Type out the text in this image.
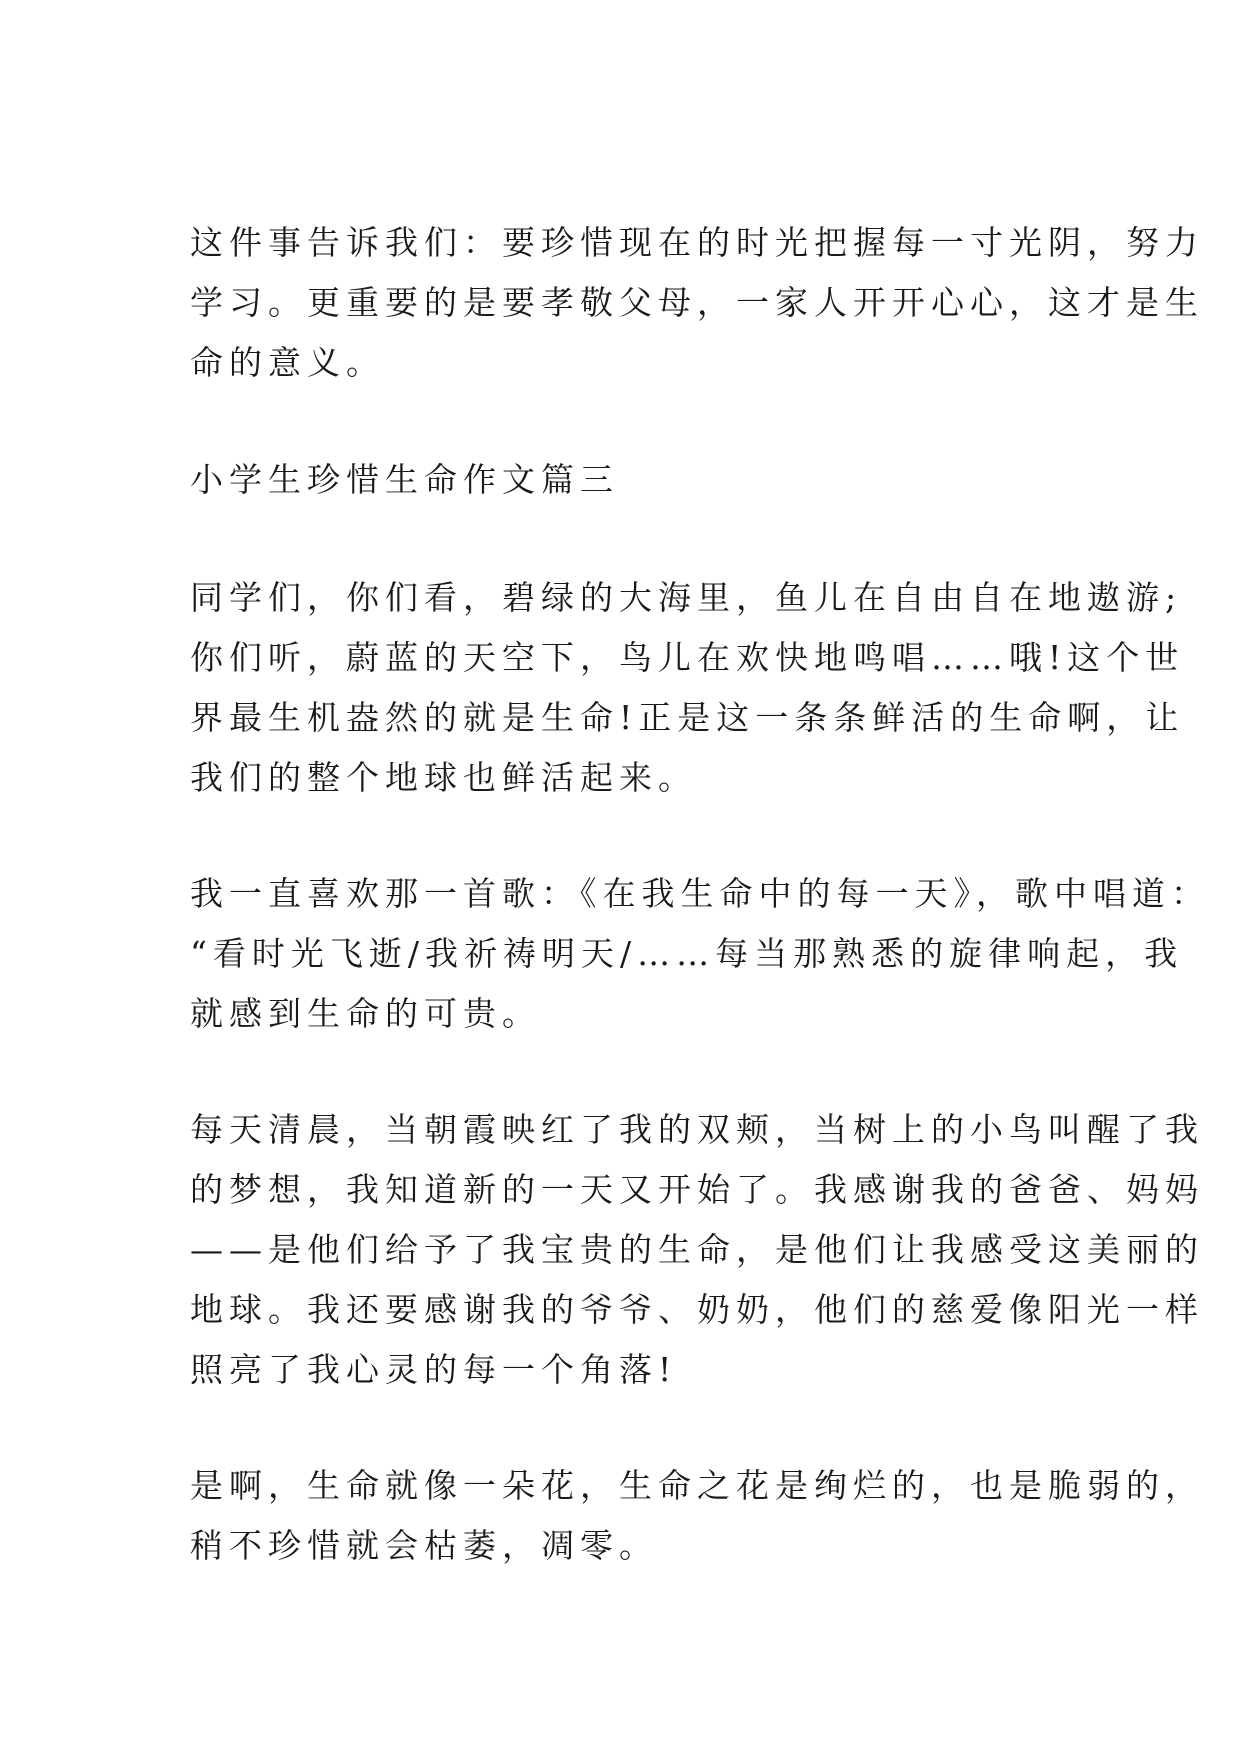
这件事告诉我们：要珍惜现在的时光把握每一寸光阴，努力

学习。更重要的是要孝敬父母，一家人开开心心，这才是生

命的意义。

小学生珍惜生命作文篇三

同学们，你们看，碧绿的大海里，鱼儿在自由自在地遨游;

你们听，蔚蓝的天空下，鸟儿在欢快地鸣唱……哦!这个世

界最生机盎然的就是生命!正是这一条条鲜活的生命啊，让

我们的整个地球也鲜活起来。

我一直喜欢那一首歌：《在我生命中的每一天》，歌中唱道：

“看时光飞逝/我祈祷明天/……每当那熟悉的旋律响起，我

就感到生命的可贵。

每天清晨，当朝霞映红了我的双颊，当树上的小鸟叫醒了我

的梦想，我知道新的一天又开始了。我感谢我的爸爸、妈妈

——是他们给予了我宝贵的生命，是他们让我感受这美丽的

地球。我还要感谢我的爷爷、奶奶，他们的慈爱像阳光一样

照亮了我心灵的每一个角落!

是啊，生命就像一朵花，生命之花是绚烂的，也是脆弱的，

稍不珍惜就会枯萎，凋零。
